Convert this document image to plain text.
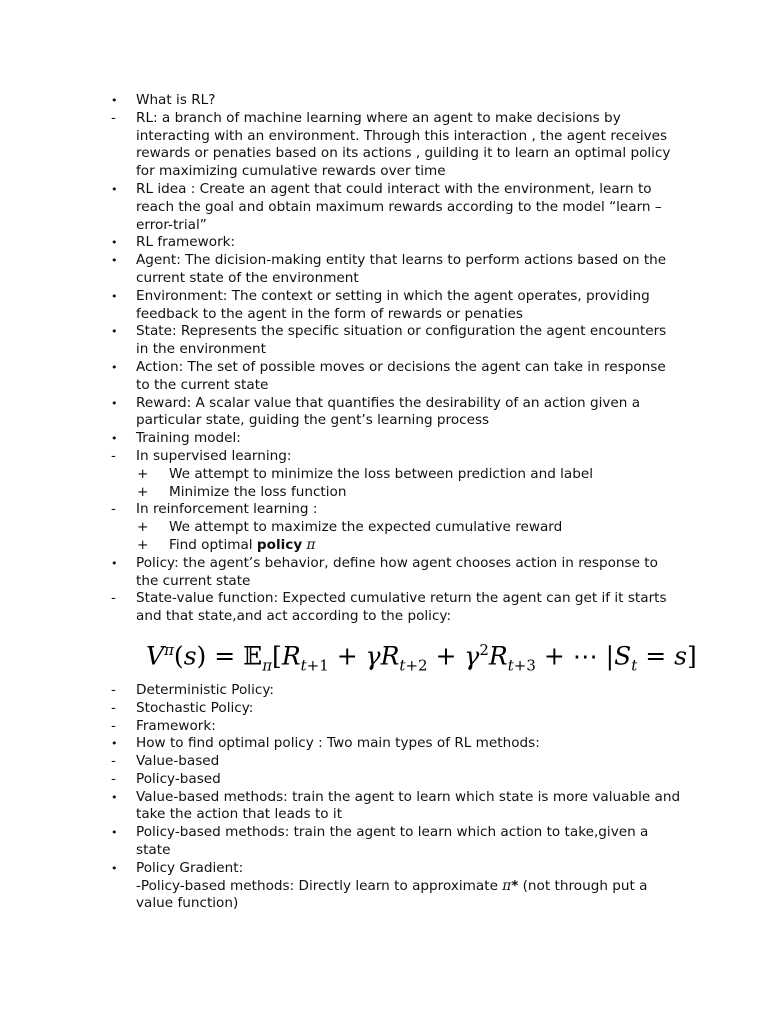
•	What is RL?
-	RL: a branch of machine learning where an agent to make decisions by interacting with an environment. Through this interaction , the agent receives rewards or penaties based on its actions , guilding it to learn an optimal policy for maximizing cumulative rewards over time
•	RL idea : Create an agent that could interact with the environment, learn to reach the goal and obtain maximum rewards according to the model “learn – error-trial”
•	RL framework:
•	Agent: The dicision-making entity that learns to perform actions based on the current state of the environment
•	Environment: The context or setting in which the agent operates, providing feedback to the agent in the form of rewards or penaties
•	State: Represents the specific situation or configuration the agent encounters in the environment
•	Action: The set of possible moves or decisions the agent can take in response to the current state
•	Reward: A scalar value that quantifies the desirability of an action given a particular state, guiding the gent’s learning process
•	Training model:
-	In supervised learning:
+ We attempt to minimize the loss between prediction and label
+ Minimize the loss function
-	In reinforcement learning :
+ We attempt to maximize the expected cumulative reward
+ Find optimal policy π
•	Policy: the agent’s behavior, define how agent chooses action in response to the current state
-	State-value function: Expected cumulative return the agent can get if it starts and that state,and act according to the policy:
$V^\pi(s)$ = $𝔼_\pi[R_{t+1} + \gamma R_{t+2} + \gamma^2R_{t+3}$ + ⋯ $|S_t = s$]
-	Deterministic Policy:
-	Stochastic Policy:
-	Framework:
•	How to find optimal policy : Two main types of RL methods:
-	Value-based
-	Policy-based
•	Value-based methods: train the agent to learn which state is more valuable and take the action that leads to it
•	Policy-based methods: train the agent to learn which action to take,given a state
•	Policy Gradient:
-Policy-based methods: Directly learn to approximate π* (not through put a value function)
